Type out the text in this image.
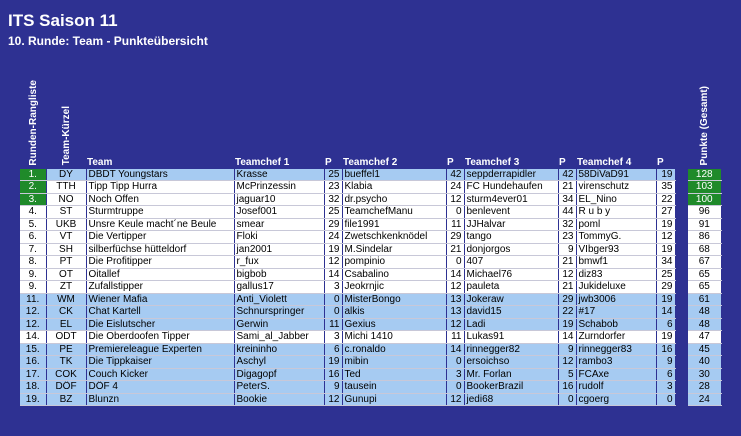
ITS Saison 11
10. Runde: Team - Punkteübersicht
Runden-Rangliste	Team-Kürzel	Team	Teamchef 1	P	Teamchef 2	P	Teamchef 3	P	Teamchef 4	P		Punkte (Gesamt)
1.	DY	DBDT Youngstars	Krasse	25	bueffel1	42	seppderrapidler	42	58DiVaD91	19		128
2.	TTH	Tipp Tipp Hurra	McPrinzessin	23	Klabia	24	FC Hundehaufen	21	virenschutz	35		103
3.	NO	Noch Offen	jaguar10	32	dr.psycho	12	sturm4ever01	34	EL_Nino	22		100
4.	ST	Sturmtruppe	Josef001	25	TeamchefManu	0	benlevent	44	R u b y	27		96
5.	UKB	Unsre Keule macht´ne Beule	smear	29	file1991	11	JJHalvar	32	poml	19		91
6.	VT	Die Vertipper	Floki	24	Zwetschkenknödel	29	tango	23	TommyG.	12		86
7.	SH	silberfüchse hütteldorf	jan2001	19	M.Sindelar	21	donjorgos	9	VIbger93	19		68
8.	PT	Die Profitipper	r_fux	12	pompinio	0	407	21	bmwf1	34		67
9.	OT	Oitallef	bigbob	14	Csabalino	14	Michael76	12	diz83	25		65
9.	ZT	Zufallstipper	gallus17	3	Jeokrnjic	12	pauleta	21	Jukideluxe	29		65
11.	WM	Wiener Mafia	Anti_Violett	0	MisterBongo	13	Jokeraw	29	jwb3006	19		61
12.	CK	Chat Kartell	Schnurspringer	0	alkis	13	david15	22	#17	14		48
12.	EL	Die Eislutscher	Gerwin	11	Gexius	12	Ladi	19	Schabob	6		48
14.	ODT	Die Oberdoofen Tipper	Sami_al_Jabber	3	Michi 1410	11	Lukas91	14	Zurndorfer	19		47
15.	PE	Premiereleague Experten	kreininho	6	c.ronaldo	14	rinnegger82	9	rinnegger83	16		45
16.	TK	Die Tippkaiser	Aschyl	19	mibin	0	ersoichso	12	rambo3	9		40
17.	COK	Couch Kicker	Digagopf	16	Ted	3	Mr. Forlan	5	FCAxe	6		30
18.	DÖF	DÖF 4	PeterS.	9	tausein	0	BookerBrazil	16	rudolf	3		28
19.	BZ	Blunzn	Bookie	12	Gunupi	12	jedi68	0	cgoerg	0		24
